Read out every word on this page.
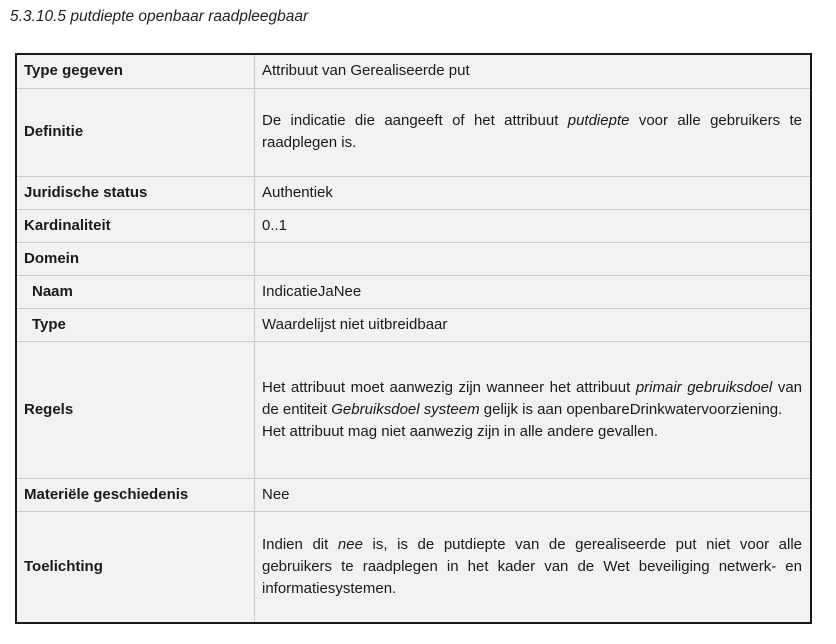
5.3.10.5 putdiepte openbaar raadpleegbaar
Type gegeven	Attribuut van Gerealiseerde put
Definitie	De indicatie die aangeeft of het attribuut putdiepte voor alle gebruikers te raadplegen is.
Juridische status	Authentiek
Kardinaliteit	0..1
Domein	
Naam	IndicatieJaNee
Type	Waardelijst niet uitbreidbaar
Regels	Het attribuut moet aanwezig zijn wanneer het attribuut primair gebruiksdoel van de entiteit Gebruiksdoel systeem gelijk is aan openbareDrinkwatervoorziening.
Het attribuut mag niet aanwezig zijn in alle andere gevallen.
Materiële geschiedenis	Nee
Toelichting	Indien dit nee is, is de putdiepte van de gerealiseerde put niet voor alle gebruikers te raadplegen in het kader van de Wet beveiliging netwerk- en informatiesystemen.
